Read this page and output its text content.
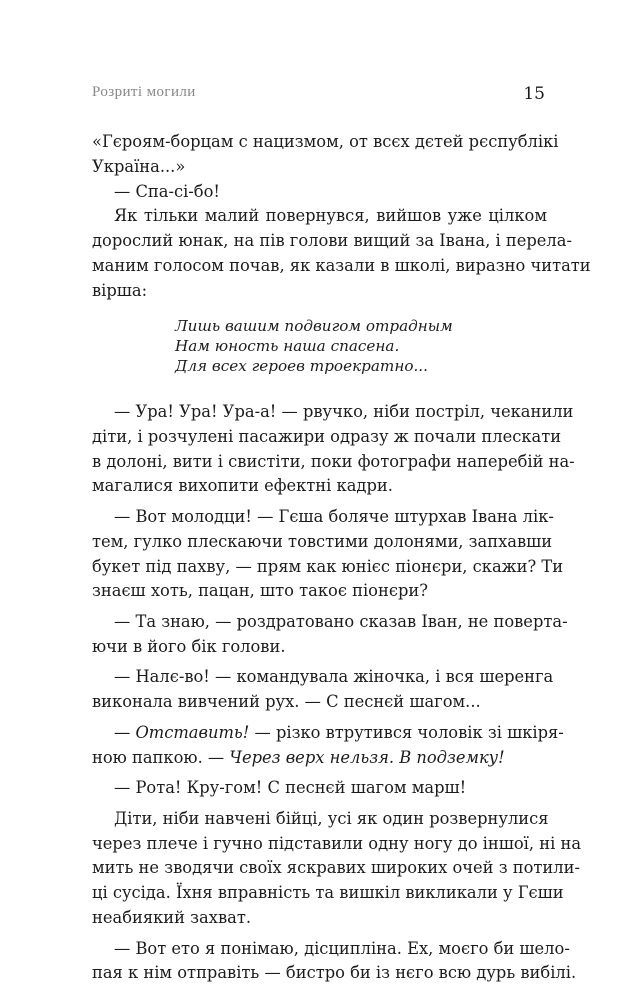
Розриті могили	15
«Гєроям-борцам с нацизмом, от всєх дєтей рєспублікі
Україна...»
— Спа-сі-бо!
Як тільки малий повернувся, вийшов уже цілком
дорослий юнак, на пів голови вищий за Івана, і перела-
маним голосом почав, як казали в школі, виразно читати
вірша:
Лишь вашим подвигом отрадным
Нам юность наша спасена.
Для всех героев троекратно...
— Ура! Ура! Ура-а! — рвучко, ніби постріл, чеканили
діти, і розчулені пасажири одразу ж почали плескати
в долоні, вити і свистіти, поки фотографи наперебій на-
магалися вихопити ефектні кадри.
— Вот молодци! — Гєша боляче штурхав Івана лік-
тем, гулко плескаючи товстими долонями, запхавши
букет під пахву, — прям как юнієс піонєри, скажи? Ти
знаєш хоть, пацан, што такоє піонєри?
— Та знаю, — роздратовано сказав Іван, не поверта-
ючи в його бік голови.
— Налє-во! — командувала жіночка, і вся шеренга
виконала вивчений рух. — С песнєй шагом...
— Отставить! — різко втрутився чоловік зі шкіря-
ною папкою. — Через верх нельзя. В подземку!
— Рота! Кру-гом! С песнєй шагом марш!
Діти, ніби навчені бійці, усі як один розвернулися
через плече і гучно підставили одну ногу до іншої, ні на
мить не зводячи своїх яскравих широких очей з потили-
ці сусіда. Їхня вправність та вишкіл викликали у Гєши
неабиякий захват.
— Вот ето я понімаю, дісципліна. Ех, моєго би шело-
пая к нім отправіть — бистро би із нєго всю дурь вибілі.
